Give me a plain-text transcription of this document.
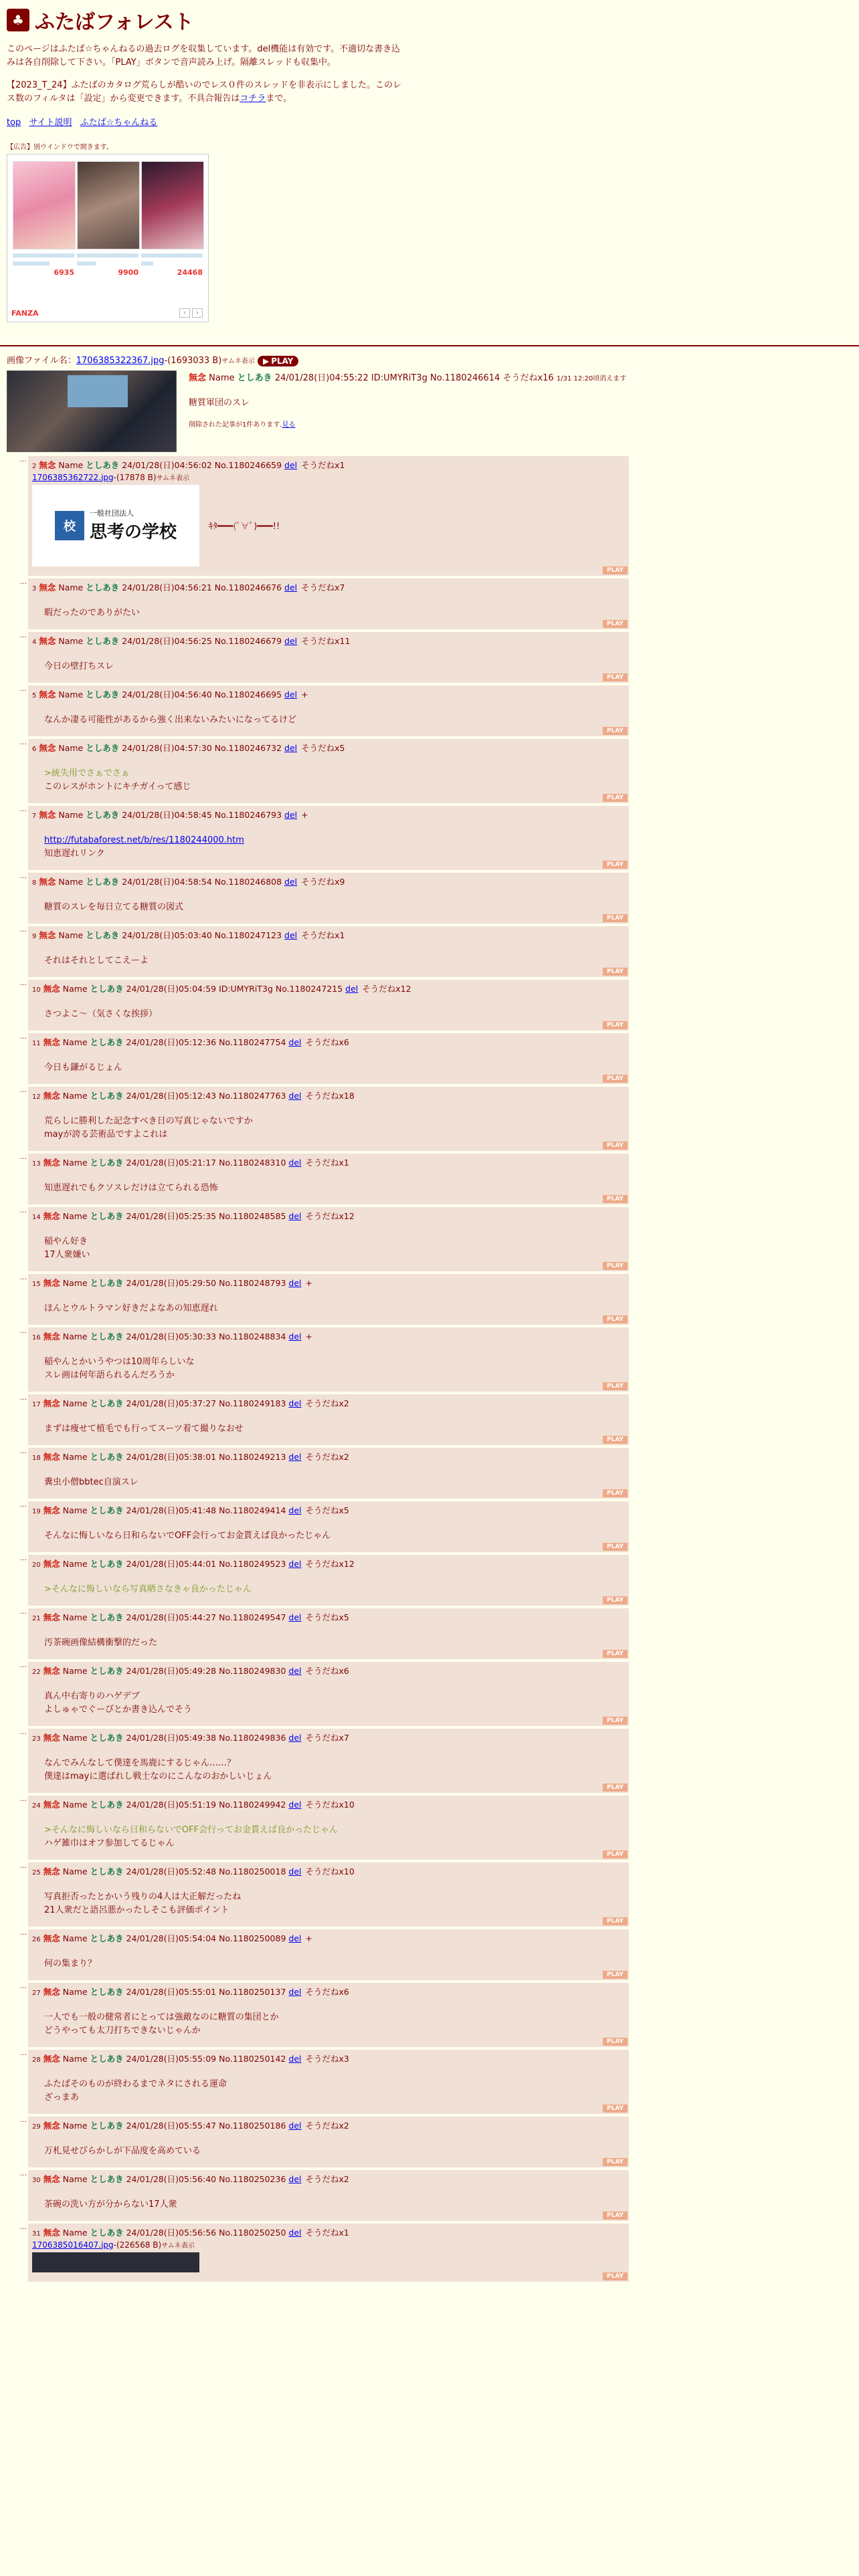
♣ ふたばフォレスト

このページはふたば☆ちゃんねるの過去ログを収集しています。del機能は有効です。不適切な書き込みは各自削除して下さい。「PLAY」ボタンで音声読み上げ。隔離スレッドも収集中。

【2023_T_24】ふたばのカタログ荒らしが酷いのでレス０件のスレッドを非表示にしました。このレス数のフィルタは「設定」から変更できます。不具合報告はコチラまで。

top サイト説明 ふたば☆ちゃんねる
【広告】別ウインドウで開きます。
6935	9900	24468
FANZA	‹	›
画像ファイル名：1706385322367.jpg-(1693033 B)サムネ表示 ▶ PLAY
無念 Name としあき 24/01/28(日)04:55:22 ID:UMYRiT3g No.1180246614 そうだねx16 1/31 12:20頃消えます
糖質軍団のスレ
削除された記事が1件あります.見る
…
2 無念 Name としあき 24/01/28(日)04:56:02 No.1180246659 del そうだねx1
1706385362722.jpg-(17878 B)サムネ表示
校
一般社団法人
思考の学校	ｷﾀ━━━(ﾟ∀ﾟ)━━━!!
PLAY
…
3 無念 Name としあき 24/01/28(日)04:56:21 No.1180246676 del そうだねx7
暇だったのでありがたい
PLAY
…
4 無念 Name としあき 24/01/28(日)04:56:25 No.1180246679 del そうだねx11
今日の壁打ちスレ
PLAY
…
5 無念 Name としあき 24/01/28(日)04:56:40 No.1180246695 del +
なんか凄る可能性があるから強く出来ないみたいになってるけど
PLAY
…
6 無念 Name としあき 24/01/28(日)04:57:30 No.1180246732 del そうだねx5
>統失用でさぁでさぁ
このレスがホントにキチガイって感じ
PLAY
…
7 無念 Name としあき 24/01/28(日)04:58:45 No.1180246793 del +
http://futabaforest.net/b/res/1180244000.htm
知恵遅れリンク
PLAY
…
8 無念 Name としあき 24/01/28(日)04:58:54 No.1180246808 del そうだねx9
糖質のスレを毎日立てる糖質の図式
PLAY
…
9 無念 Name としあき 24/01/28(日)05:03:40 No.1180247123 del そうだねx1
それはそれとしてこえーよ
PLAY
…
10 無念 Name としあき 24/01/28(日)05:04:59 ID:UMYRiT3g No.1180247215 del そうだねx12
さつよこ～（気さくな挨拶）
PLAY
…
11 無念 Name としあき 24/01/28(日)05:12:36 No.1180247754 del そうだねx6
今日も鎌がるじょん
PLAY
…
12 無念 Name としあき 24/01/28(日)05:12:43 No.1180247763 del そうだねx18
荒らしに勝利した記念すべき日の写真じゃないですか
mayが誇る芸術品ですよこれは
PLAY
…
13 無念 Name としあき 24/01/28(日)05:21:17 No.1180248310 del そうだねx1
知恵遅れでもクソスレだけは立てられる恐怖
PLAY
…
14 無念 Name としあき 24/01/28(日)05:25:35 No.1180248585 del そうだねx12
稲やん好き
17人衆嫌い
PLAY
…
15 無念 Name としあき 24/01/28(日)05:29:50 No.1180248793 del +
ほんとウルトラマン好きだよなあの知恵遅れ
PLAY
…
16 無念 Name としあき 24/01/28(日)05:30:33 No.1180248834 del +
稲やんとかいうやつは10周年らしいな
スレ画は何年語られるんだろうか
PLAY
…
17 無念 Name としあき 24/01/28(日)05:37:27 No.1180249183 del そうだねx2
まずは痩せて植毛でも行ってスーツ着て撮りなおせ
PLAY
…
18 無念 Name としあき 24/01/28(日)05:38:01 No.1180249213 del そうだねx2
糞虫小僧bbtec自演スレ
PLAY
…
19 無念 Name としあき 24/01/28(日)05:41:48 No.1180249414 del そうだねx5
そんなに悔しいなら日和らないでOFF会行ってお金貰えば良かったじゃん
PLAY
…
20 無念 Name としあき 24/01/28(日)05:44:01 No.1180249523 del そうだねx12
>そんなに悔しいなら写真晒さなきゃ良かったじゃん
PLAY
…
21 無念 Name としあき 24/01/28(日)05:44:27 No.1180249547 del そうだねx5
汚茶碗画像結構衝撃的だった
PLAY
…
22 無念 Name としあき 24/01/28(日)05:49:28 No.1180249830 del そうだねx6
真ん中右寄りのハゲデブ
よしゅゃでぐーぴとか書き込んでそう
PLAY
…
23 無念 Name としあき 24/01/28(日)05:49:38 No.1180249836 del そうだねx7
なんでみんなして僕達を馬鹿にするじゃん……？
僕達はmayに選ばれし戦士なのにこんなのおかしいじょん
PLAY
…
24 無念 Name としあき 24/01/28(日)05:51:19 No.1180249942 del そうだねx10
>そんなに悔しいなら日和らないでOFF会行ってお金貰えば良かったじゃん
ハゲ雑巾はオフ参加してるじゃん
PLAY
…
25 無念 Name としあき 24/01/28(日)05:52:48 No.1180250018 del そうだねx10
写真拒否ったとかいう残りの4人は大正解だったね
21人衆だと語呂悪かったしそこも評価ポイント
PLAY
…
26 無念 Name としあき 24/01/28(日)05:54:04 No.1180250089 del +
何の集まり？
PLAY
…
27 無念 Name としあき 24/01/28(日)05:55:01 No.1180250137 del そうだねx6
一人でも一般の健常者にとっては強敵なのに糖質の集団とか
どうやっても太刀打ちできないじゃんか
PLAY
…
28 無念 Name としあき 24/01/28(日)05:55:09 No.1180250142 del そうだねx3
ふたばそのものが終わるまでネタにされる運命
ざっまあ
PLAY
…
29 無念 Name としあき 24/01/28(日)05:55:47 No.1180250186 del そうだねx2
万札見せびらかしが下品度を高めている
PLAY
…
30 無念 Name としあき 24/01/28(日)05:56:40 No.1180250236 del そうだねx2
茶碗の洗い方が分からない17人衆
PLAY
…
31 無念 Name としあき 24/01/28(日)05:56:56 No.1180250250 del そうだねx1
1706385016407.jpg-(226568 B)サムネ表示
PLAY
